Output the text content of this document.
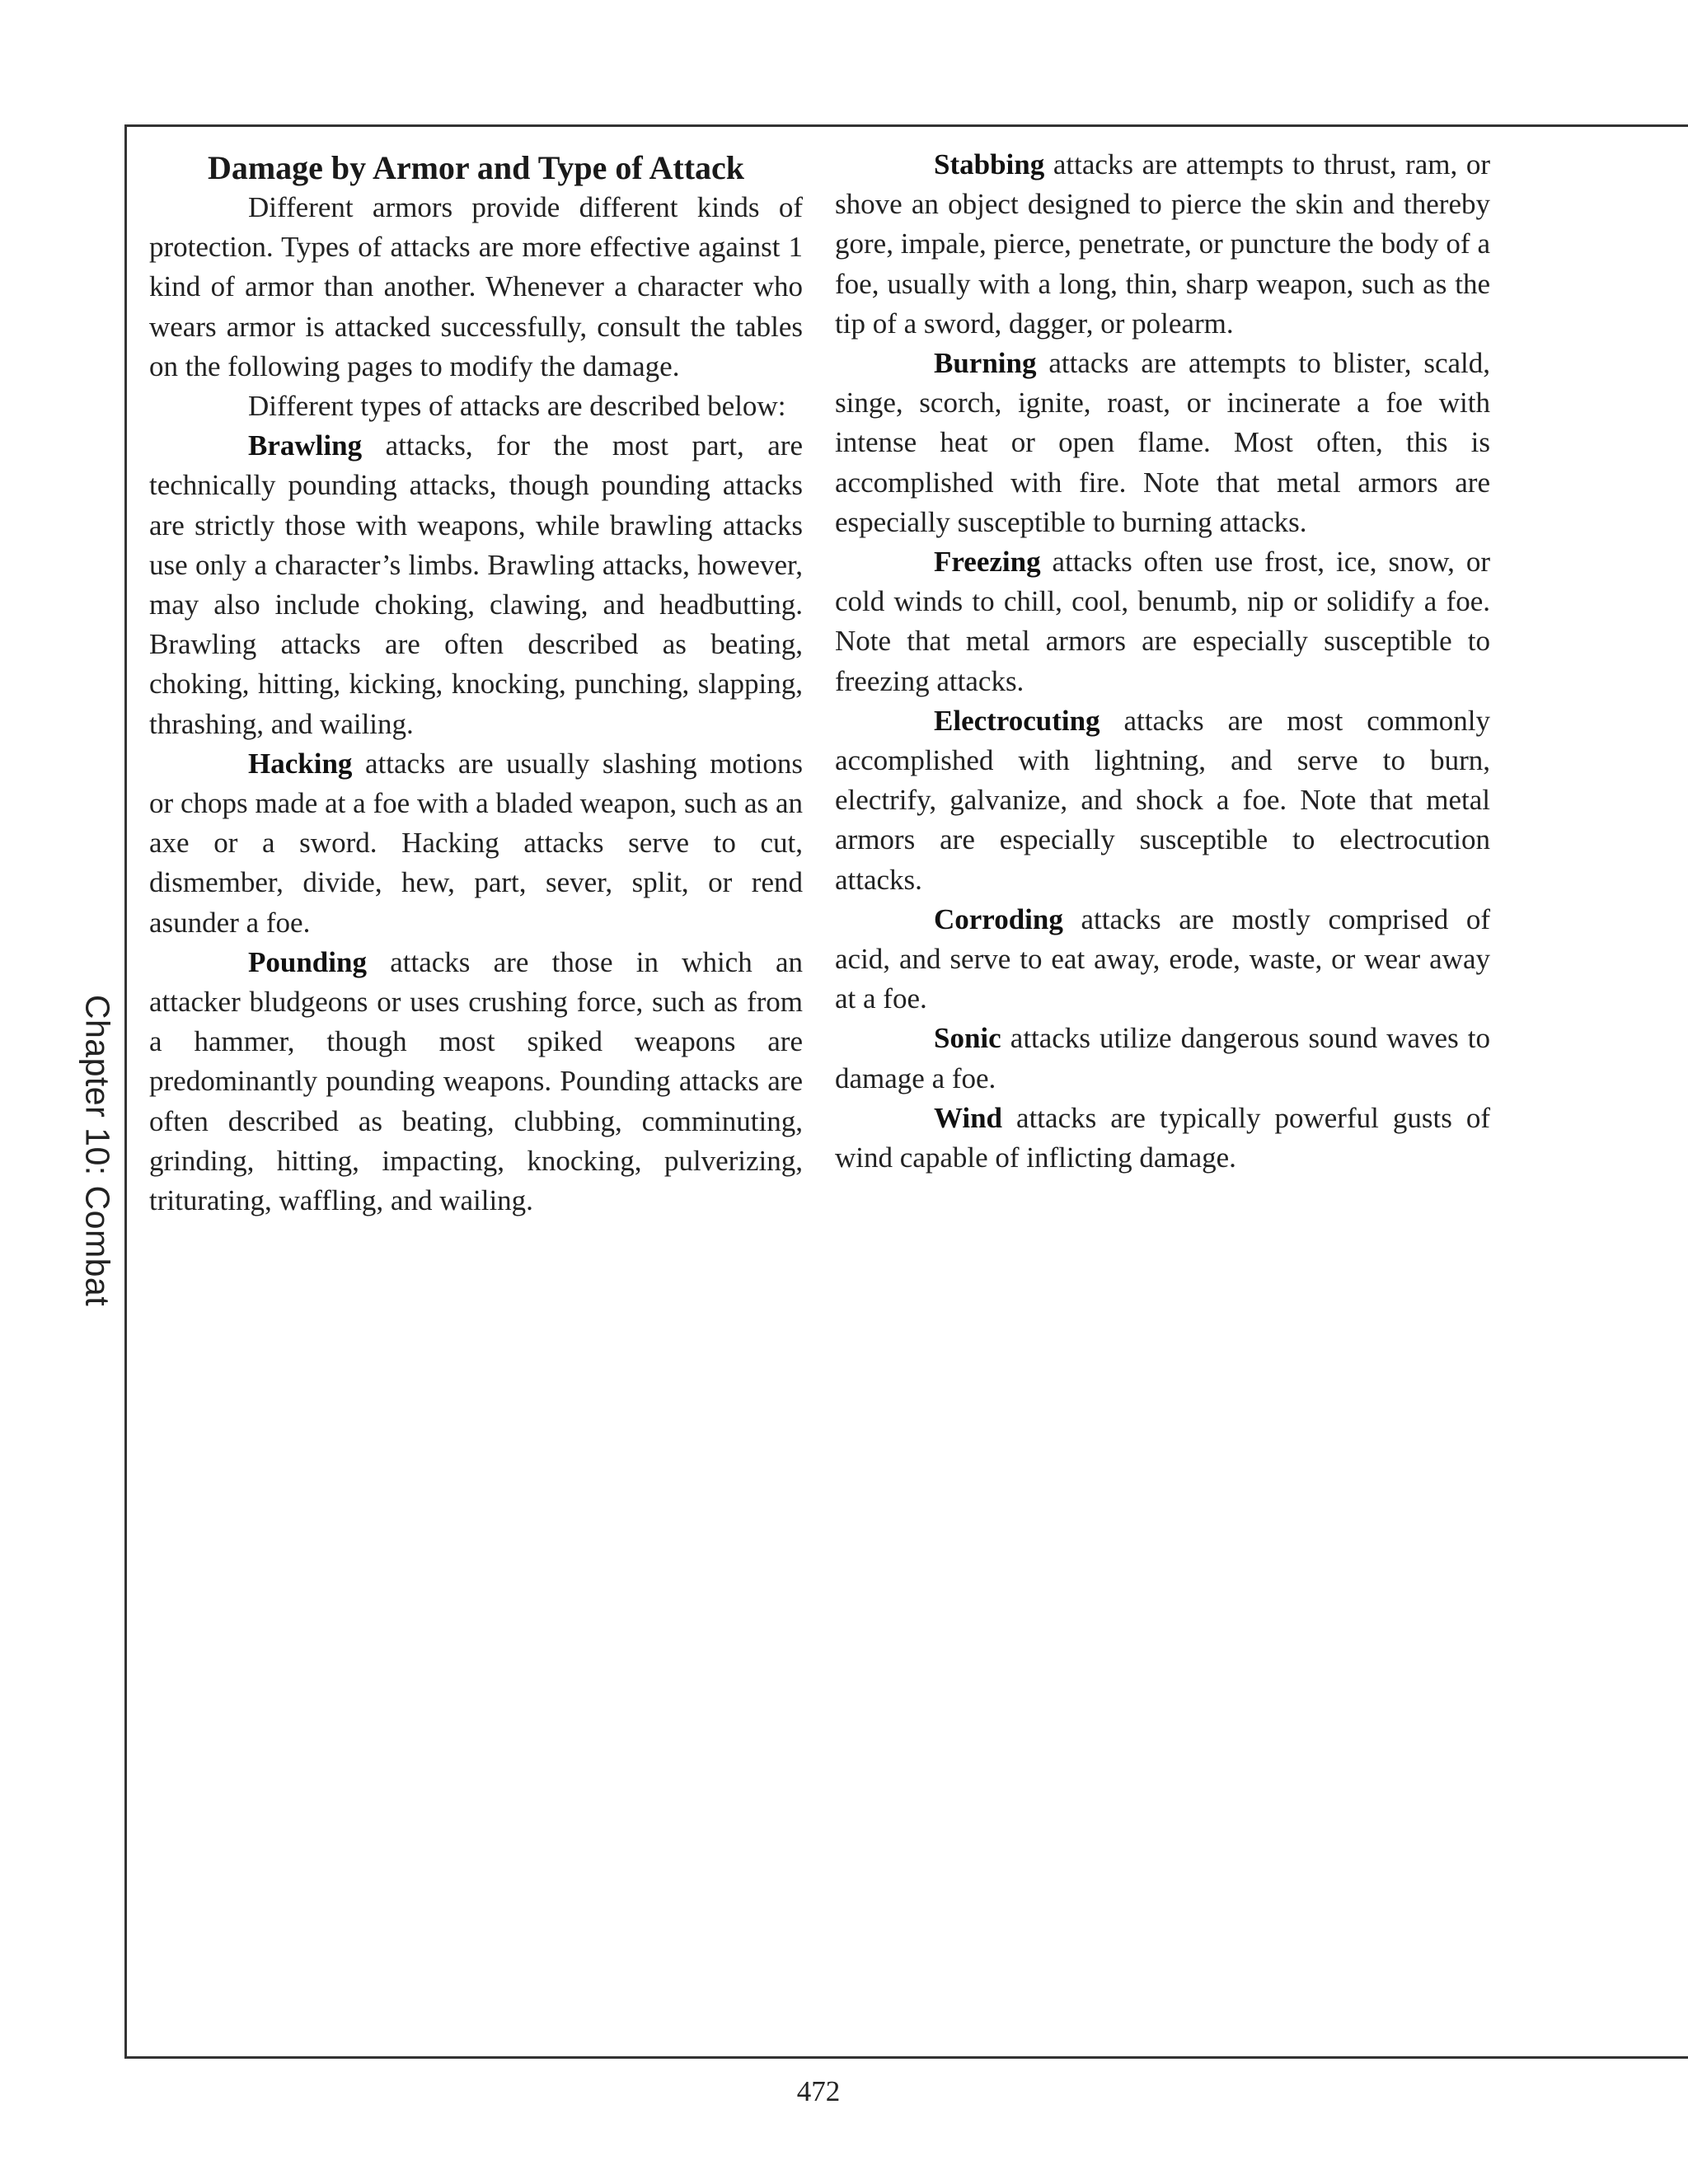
Chapter 10: Combat
Damage by Armor and Type of Attack

Different armors provide different kinds of protection. Types of attacks are more effective against 1 kind of armor than another. Whenever a character who wears armor is attacked successfully, consult the tables on the following pages to modify the damage.

Different types of attacks are described below:

Brawling attacks, for the most part, are technically pounding attacks, though pounding attacks are strictly those with weapons, while brawling attacks use only a character’s limbs. Brawling attacks, however, may also include choking, clawing, and headbutting. Brawling attacks are often described as beating, choking, hitting, kicking, knocking, punching, slapping, thrashing, and wailing.

Hacking attacks are usually slashing motions or chops made at a foe with a bladed weapon, such as an axe or a sword. Hacking attacks serve to cut, dismember, divide, hew, part, sever, split, or rend asunder a foe.

Pounding attacks are those in which an attacker bludgeons or uses crushing force, such as from a hammer, though most spiked weapons are predominantly pounding weapons. Pounding attacks are often described as beating, clubbing, comminuting, grinding, hitting, impacting, knocking, pulverizing, triturating, waffling, and wailing.

Stabbing attacks are attempts to thrust, ram, or shove an object designed to pierce the skin and thereby gore, impale, pierce, penetrate, or puncture the body of a foe, usually with a long, thin, sharp weapon, such as the tip of a sword, dagger, or polearm.

Burning attacks are attempts to blister, scald, singe, scorch, ignite, roast, or incinerate a foe with intense heat or open flame. Most often, this is accomplished with fire. Note that metal armors are especially susceptible to burning attacks.

Freezing attacks often use frost, ice, snow, or cold winds to chill, cool, benumb, nip or solidify a foe. Note that metal armors are especially susceptible to freezing attacks.

Electrocuting attacks are most commonly accomplished with lightning, and serve to burn, electrify, galvanize, and shock a foe. Note that metal armors are especially susceptible to electrocution attacks.

Corroding attacks are mostly comprised of acid, and serve to eat away, erode, waste, or wear away at a foe.

Sonic attacks utilize dangerous sound waves to damage a foe.

Wind attacks are typically powerful gusts of wind capable of inflicting damage.

472
